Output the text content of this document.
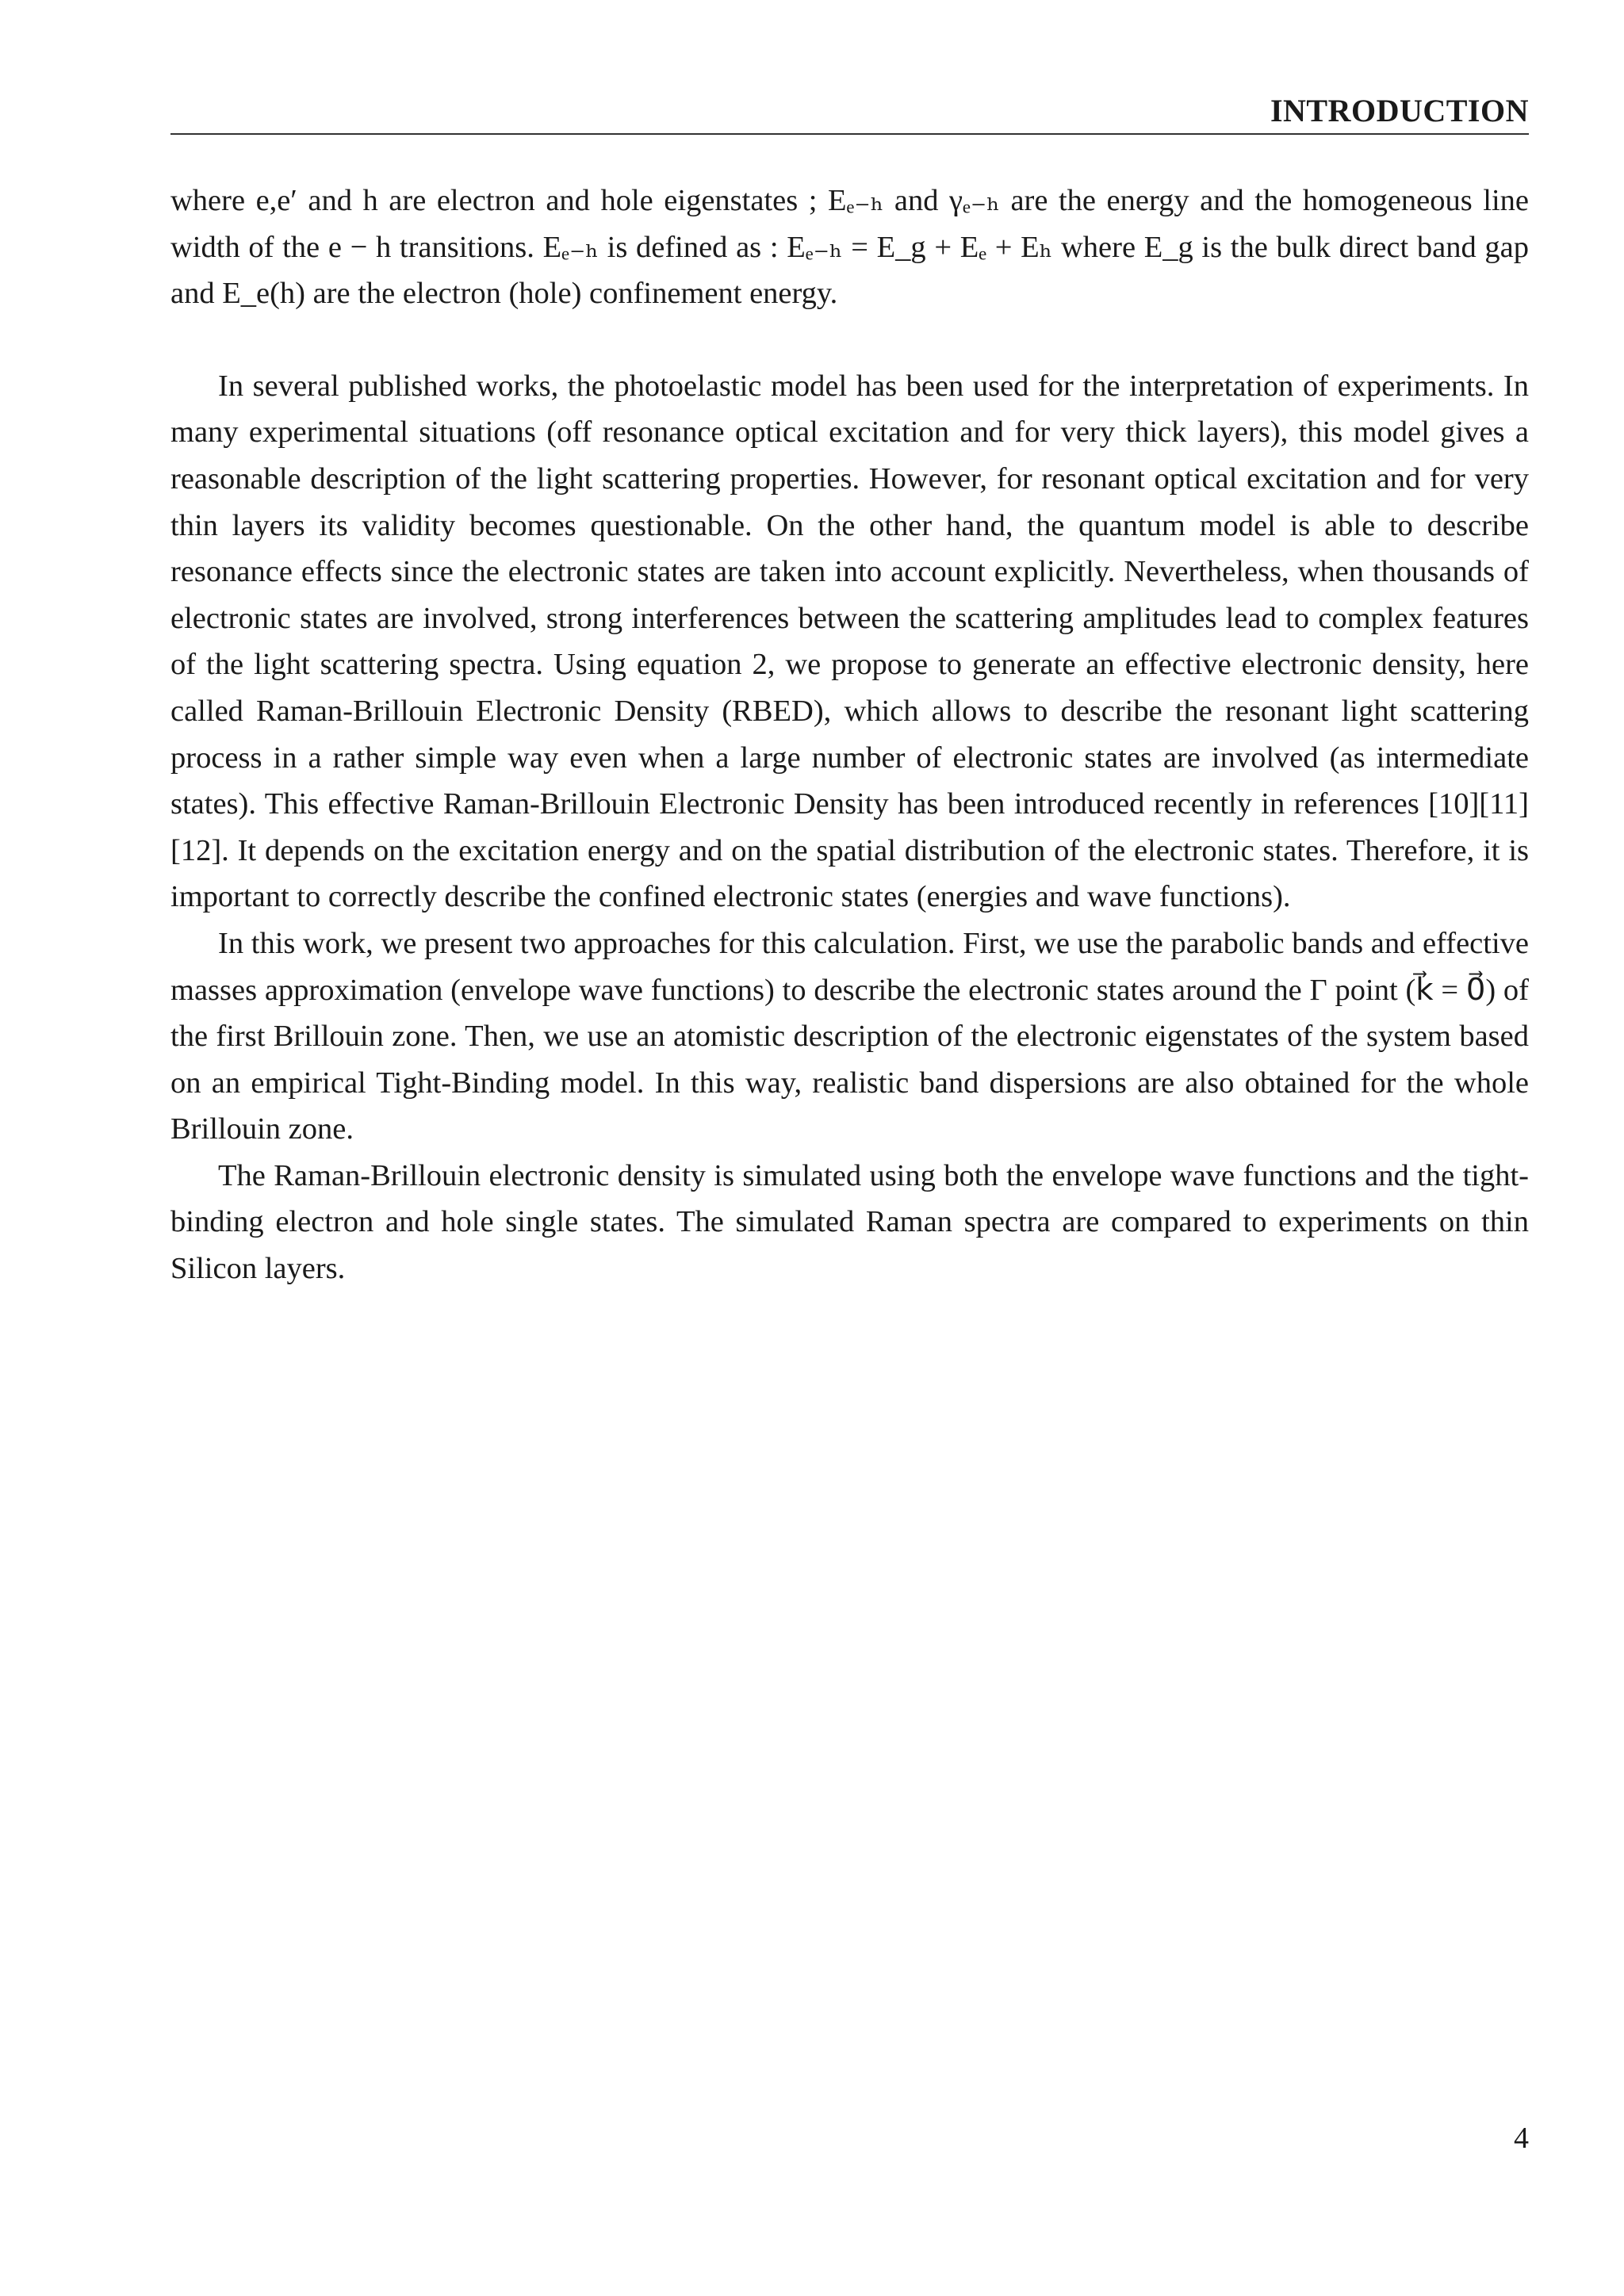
INTRODUCTION

where e,e′ and h are electron and hole eigenstates ; Eₑ₋ₕ and γₑ₋ₕ are the energy and the homogeneous line width of the e − h transitions. Eₑ₋ₕ is defined as : Eₑ₋ₕ = E_g + Eₑ + Eₕ where E_g is the bulk direct band gap and E_e(h) are the electron (hole) confinement energy.

In several published works, the photoelastic model has been used for the interpretation of experiments. In many experimental situations (off resonance optical excitation and for very thick layers), this model gives a reasonable description of the light scattering properties. However, for resonant optical excitation and for very thin layers its validity becomes questionable. On the other hand, the quantum model is able to describe resonance effects since the electronic states are taken into account explicitly. Nevertheless, when thousands of electronic states are involved, strong interferences between the scattering amplitudes lead to complex features of the light scattering spectra. Using equation 2, we propose to generate an effective electronic density, here called Raman-Brillouin Electronic Density (RBED), which allows to describe the resonant light scattering process in a rather simple way even when a large number of electronic states are involved (as intermediate states). This effective Raman-Brillouin Electronic Density has been introduced recently in references [10][11][12]. It depends on the excitation energy and on the spatial distribution of the electronic states. Therefore, it is important to correctly describe the confined electronic states (energies and wave functions).

In this work, we present two approaches for this calculation. First, we use the parabolic bands and effective masses approximation (envelope wave functions) to describe the electronic states around the Γ point (k⃗ = 0⃗) of the first Brillouin zone. Then, we use an atomistic description of the electronic eigenstates of the system based on an empirical Tight-Binding model. In this way, realistic band dispersions are also obtained for the whole Brillouin zone.

The Raman-Brillouin electronic density is simulated using both the envelope wave functions and the tight-binding electron and hole single states. The simulated Raman spectra are compared to experiments on thin Silicon layers.

4
